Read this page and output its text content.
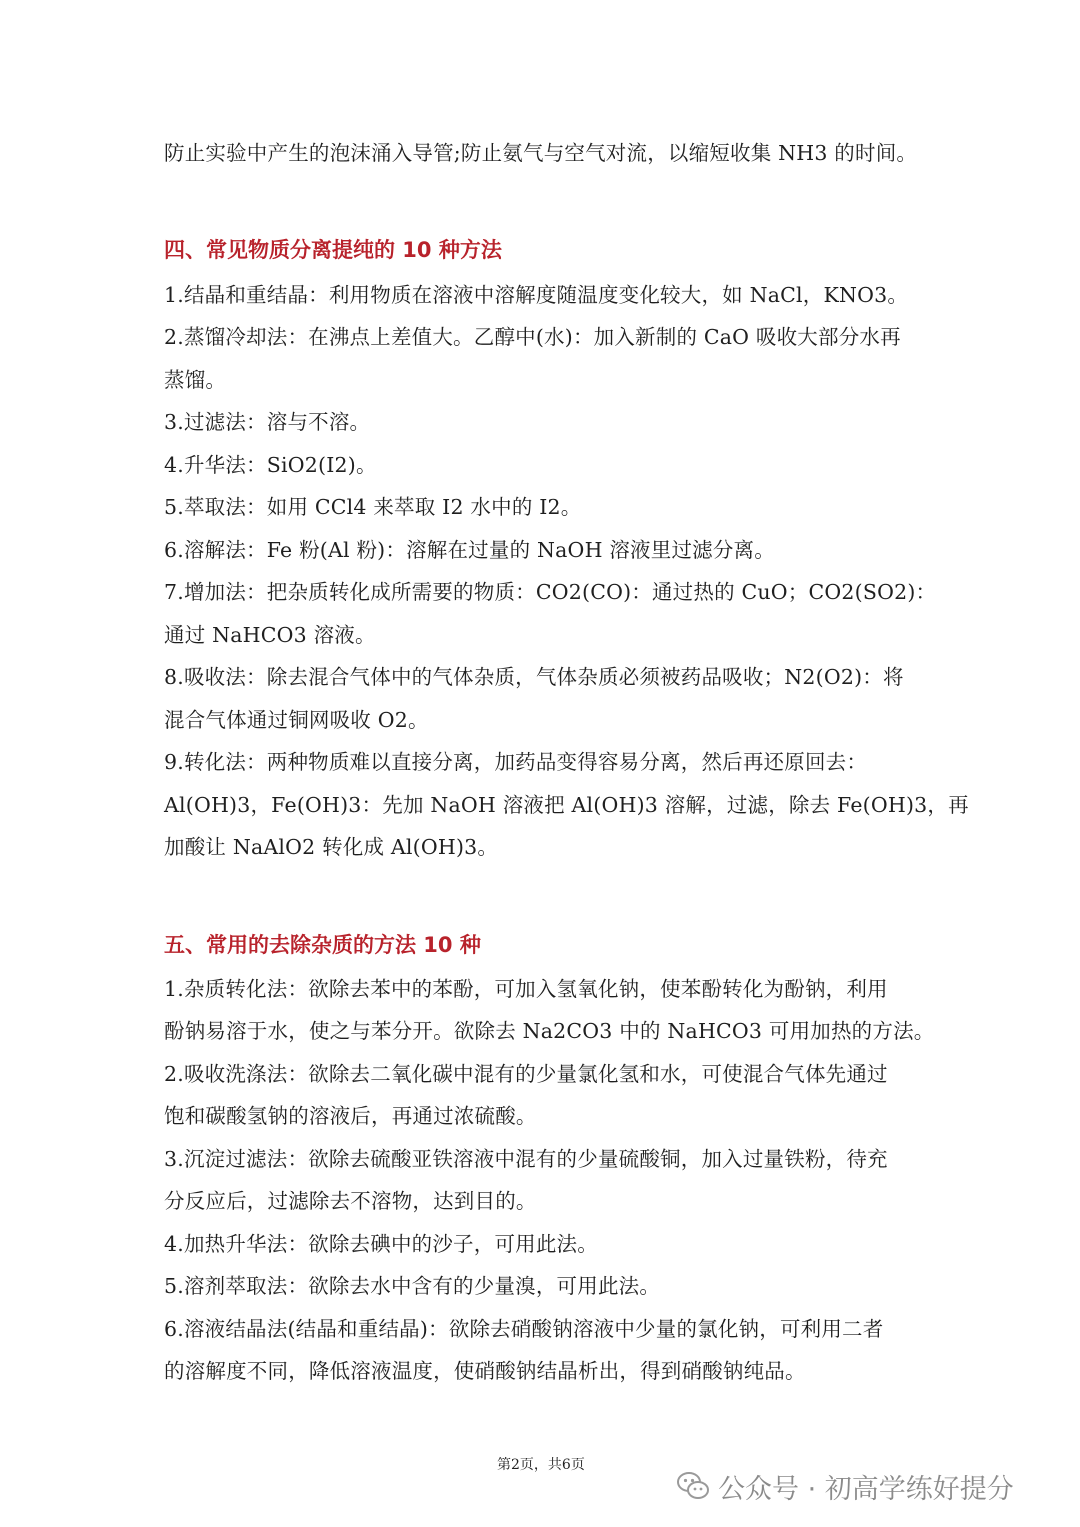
防止实验中产生的泡沫涌入导管;防止氨气与空气对流，以缩短收集 NH3 的时间。
四、常见物质分离提纯的 10 种方法
1.结晶和重结晶：利用物质在溶液中溶解度随温度变化较大，如 NaCl，KNO3。
2.蒸馏冷却法：在沸点上差值大。乙醇中(水)：加入新制的 CaO 吸收大部分水再
蒸馏。
3.过滤法：溶与不溶。
4.升华法：SiO2(I2)。
5.萃取法：如用 CCl4 来萃取 I2 水中的 I2。
6.溶解法：Fe 粉(Al 粉)：溶解在过量的 NaOH 溶液里过滤分离。
7.增加法：把杂质转化成所需要的物质：CO2(CO)：通过热的 CuO；CO2(SO2)：
通过 NaHCO3 溶液。
8.吸收法：除去混合气体中的气体杂质，气体杂质必须被药品吸收；N2(O2)：将
混合气体通过铜网吸收 O2。
9.转化法：两种物质难以直接分离，加药品变得容易分离，然后再还原回去：
Al(OH)3，Fe(OH)3：先加 NaOH 溶液把 Al(OH)3 溶解，过滤，除去 Fe(OH)3，再
加酸让 NaAlO2 转化成 Al(OH)3。
五、常用的去除杂质的方法 10 种
1.杂质转化法：欲除去苯中的苯酚，可加入氢氧化钠，使苯酚转化为酚钠，利用
酚钠易溶于水，使之与苯分开。欲除去 Na2CO3 中的 NaHCO3 可用加热的方法。
2.吸收洗涤法：欲除去二氧化碳中混有的少量氯化氢和水，可使混合气体先通过
饱和碳酸氢钠的溶液后，再通过浓硫酸。
3.沉淀过滤法：欲除去硫酸亚铁溶液中混有的少量硫酸铜，加入过量铁粉，待充
分反应后，过滤除去不溶物，达到目的。
4.加热升华法：欲除去碘中的沙子，可用此法。
5.溶剂萃取法：欲除去水中含有的少量溴，可用此法。
6.溶液结晶法(结晶和重结晶)：欲除去硝酸钠溶液中少量的氯化钠，可利用二者
的溶解度不同，降低溶液温度，使硝酸钠结晶析出，得到硝酸钠纯品。
第2页，共6页
公众号 · 初高学练好提分
